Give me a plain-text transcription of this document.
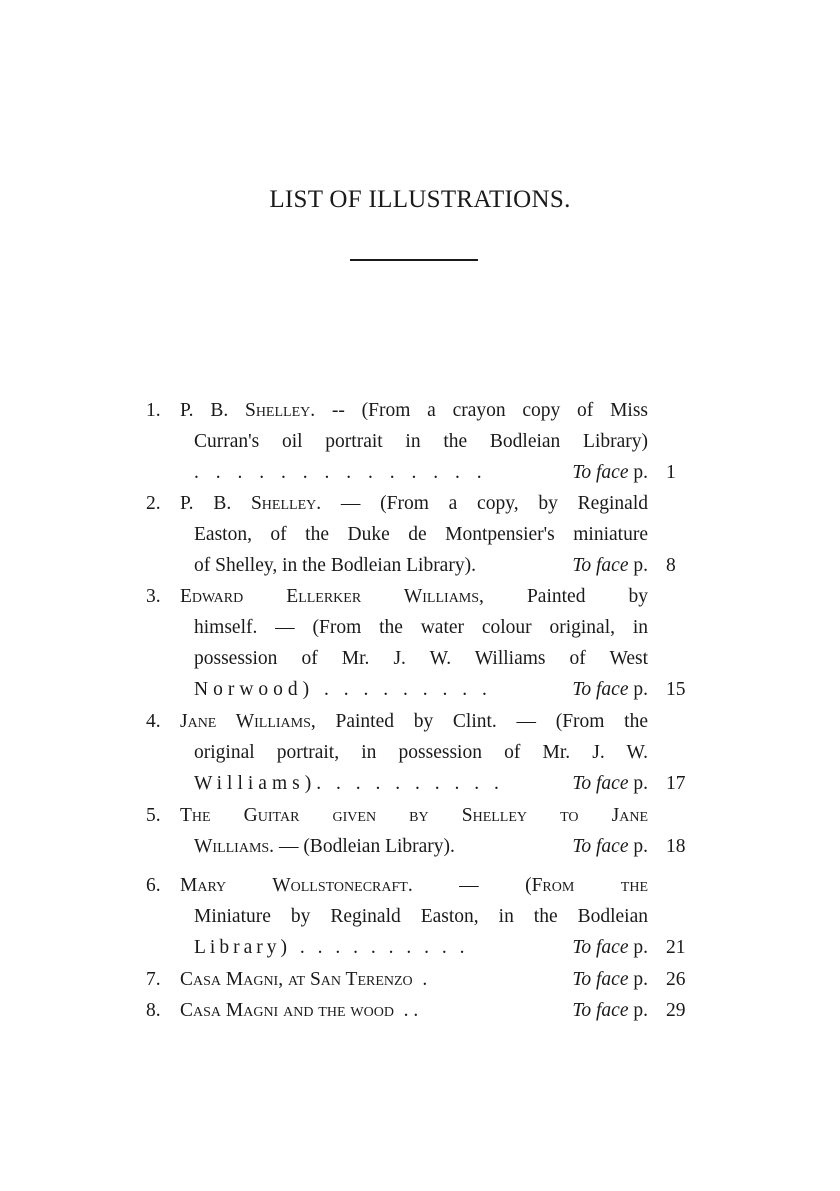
LIST OF ILLUSTRATIONS.
1. P. B. Shelley. -- (From a crayon copy of Miss
Curran's oil portrait in the Bodleian Library)
. . . . . . . . . . . . . .	To face p. 1
2. P. B. Shelley. — (From a copy, by Reginald
Easton, of the Duke de Montpensier's miniature
of Shelley, in the Bodleian Library).	To face p. 8
3. Edward Ellerker Williams, Painted by
himself. — (From the water colour original, in
possession of Mr. J. W. Williams of West
Norwood) . . . . . . . . .	To face p. 15
4. Jane Williams, Painted by Clint. — (From the
original portrait, in possession of Mr. J. W.
Williams). . . . . . . . . .	To face p. 17
5. The Guitar given by Shelley to Jane
Williams. — (Bodleian Library).	To face p. 18
6. Mary Wollstonecraft. — (From the
Miniature by Reginald Easton, in the Bodleian
Library) . . . . . . . . . .	To face p. 21
7. Casa Magni, at San Terenzo  .	To face p. 26
8. Casa Magni and the wood  . .	To face p. 29
